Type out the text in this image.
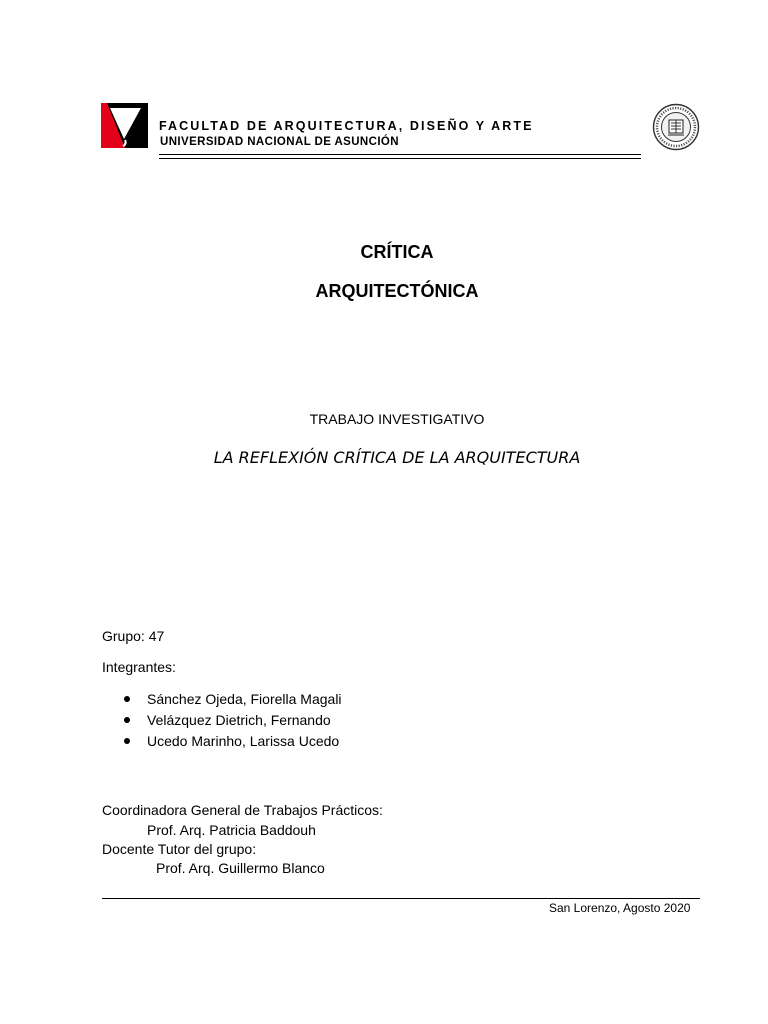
FACULTAD DE ARQUITECTURA, DISEÑO Y ARTE
UNIVERSIDAD NACIONAL DE ASUNCIÓN
CRÍTICA
ARQUITECTÓNICA
TRABAJO INVESTIGATIVO
LA REFLEXIÓN CRÍTICA DE LA ARQUITECTURA
Grupo: 47
Integrantes:
Sánchez Ojeda, Fiorella Magali
Velázquez Dietrich, Fernando
Ucedo Marinho, Larissa Ucedo
Coordinadora General de Trabajos Prácticos:
Prof. Arq. Patricia Baddouh
Docente Tutor del grupo:
Prof. Arq. Guillermo Blanco
San Lorenzo, Agosto 2020
